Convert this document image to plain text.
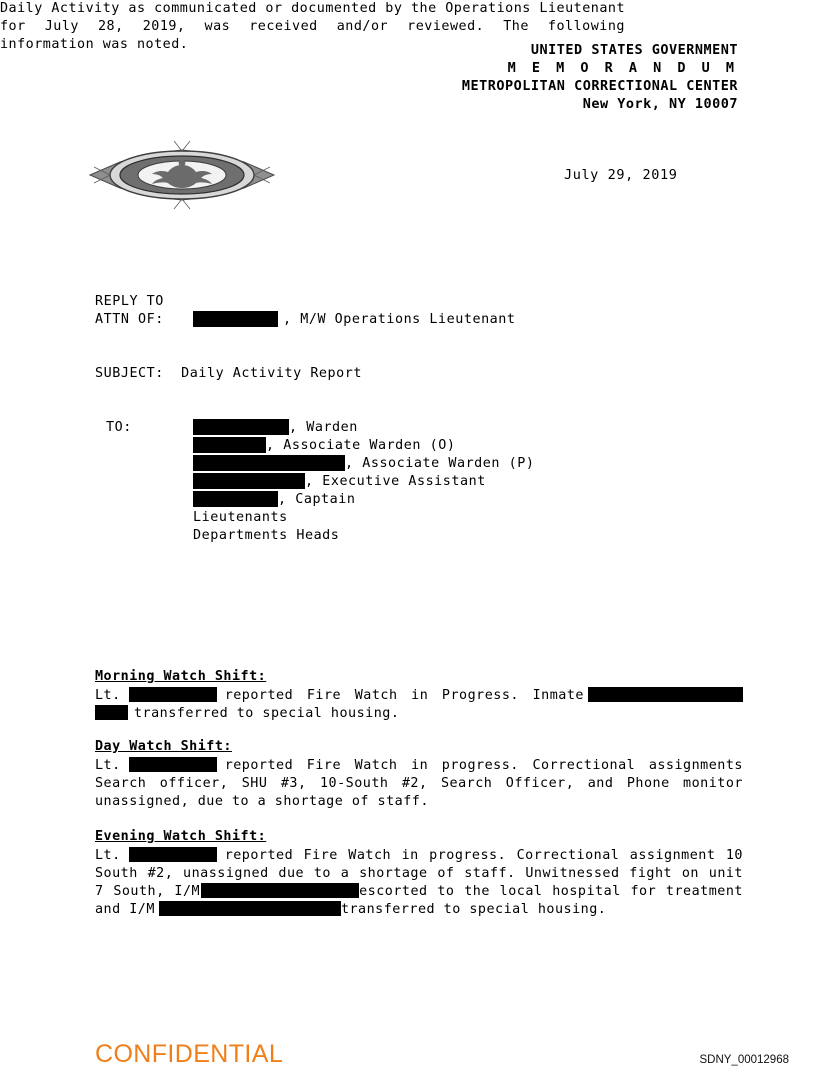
UNITED STATES GOVERNMENT
M E M O R A N D U M
METROPOLITAN CORRECTIONAL CENTER
New York, NY 10007
July 29, 2019
REPLY TO
ATTN OF:	, M/W Operations Lieutenant
SUBJECT: Daily Activity Report
TO:	, Warden
, Associate Warden (O)
, Associate Warden (P)
, Executive Assistant
, Captain
Lieutenants
Departments Heads
Daily Activity as communicated or documented by the Operations Lieutenant for July 28, 2019, was received and/or reviewed. The following information was noted.
Morning Watch Shift:
Lt.	reported Fire Watch in Progress. Inmatetransferred to special housing.
Day Watch Shift:
Lt.	reported Fire Watch in progress. Correctional assignments Search officer, SHU #3, 10-South #2, Search Officer, and Phone monitor unassigned, due to a shortage of staff.
Evening Watch Shift:
Lt.	reported Fire Watch in progress. Correctional assignment 10 South #2, unassigned due to a shortage of staff. Unwitnessed fight on unit 7 South, I/M	escorted to the local hospital for treatment and I/M	transferred to special housing.
CONFIDENTIAL	SDNY_00012968
